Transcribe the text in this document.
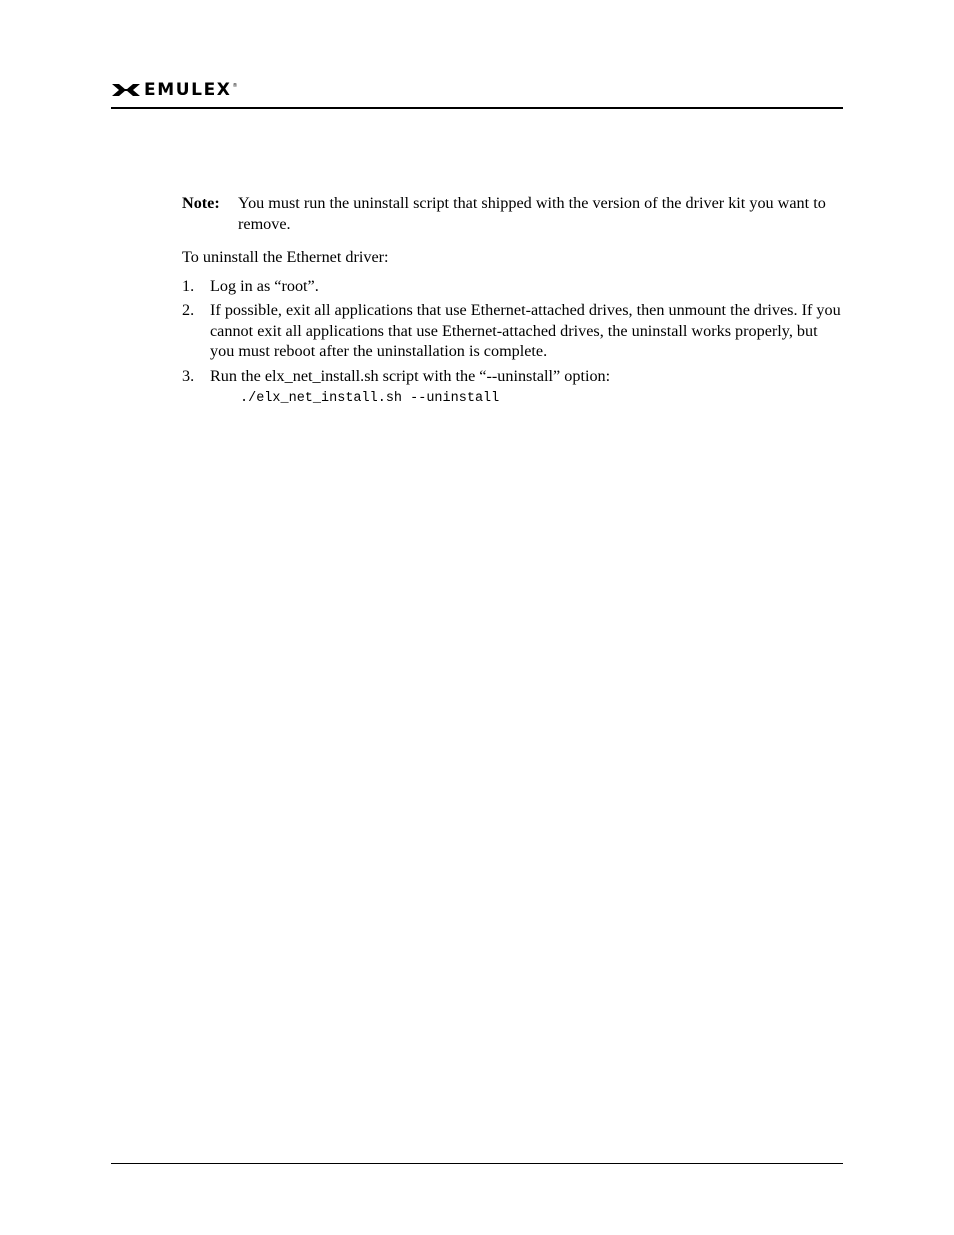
EMULEX ®
Note:	You must run the uninstall script that shipped with the version of the driver kit you want to remove.

To uninstall the Ethernet driver:

1. Log in as “root”.
2. If possible, exit all applications that use Ethernet-attached drives, then unmount the drives. If you cannot exit all applications that use Ethernet-attached drives, the uninstall works properly, but you must reboot after the uninstallation is complete.
3. Run the elx_net_install.sh script with the “--uninstall” option:
./elx_net_install.sh --uninstall
